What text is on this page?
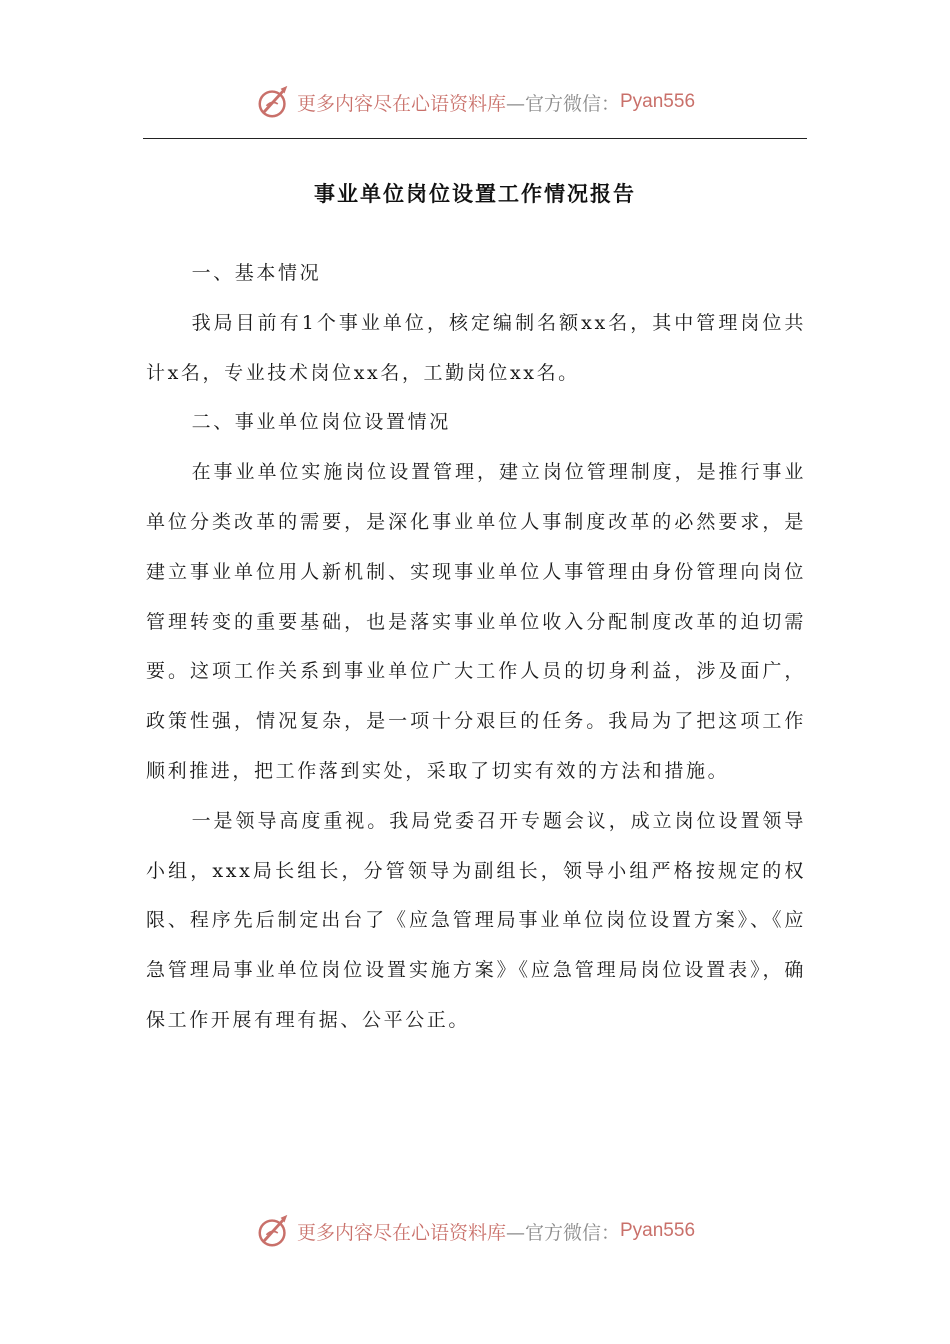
更多内容尽在心语资料库 —官方微信： Pyan556
事业单位岗位设置工作情况报告

一、基本情况

我局目前有1个事业单位，核定编制名额xx名，其中管理岗位共计x名，专业技术岗位xx名，工勤岗位xx名。

二、事业单位岗位设置情况

在事业单位实施岗位设置管理，建立岗位管理制度，是推行事业单位分类改革的需要，是深化事业单位人事制度改革的必然要求，是建立事业单位用人新机制、实现事业单位人事管理由身份管理向岗位管理转变的重要基础，也是落实事业单位收入分配制度改革的迫切需要。这项工作关系到事业单位广大工作人员的切身利益，涉及面广，政策性强，情况复杂，是一项十分艰巨的任务。我局为了把这项工作顺利推进，把工作落到实处，采取了切实有效的方法和措施。

一是领导高度重视。我局党委召开专题会议，成立岗位设置领导小组，xxx局长组长，分管领导为副组长，领导小组严格按规定的权限、程序先后制定出台了《应急管理局事业单位岗位设置方案》、《应急管理局事业单位岗位设置实施方案》《应急管理局岗位设置表》，确保工作开展有理有据、公平公正。

更多内容尽在心语资料库 —官方微信： Pyan556
